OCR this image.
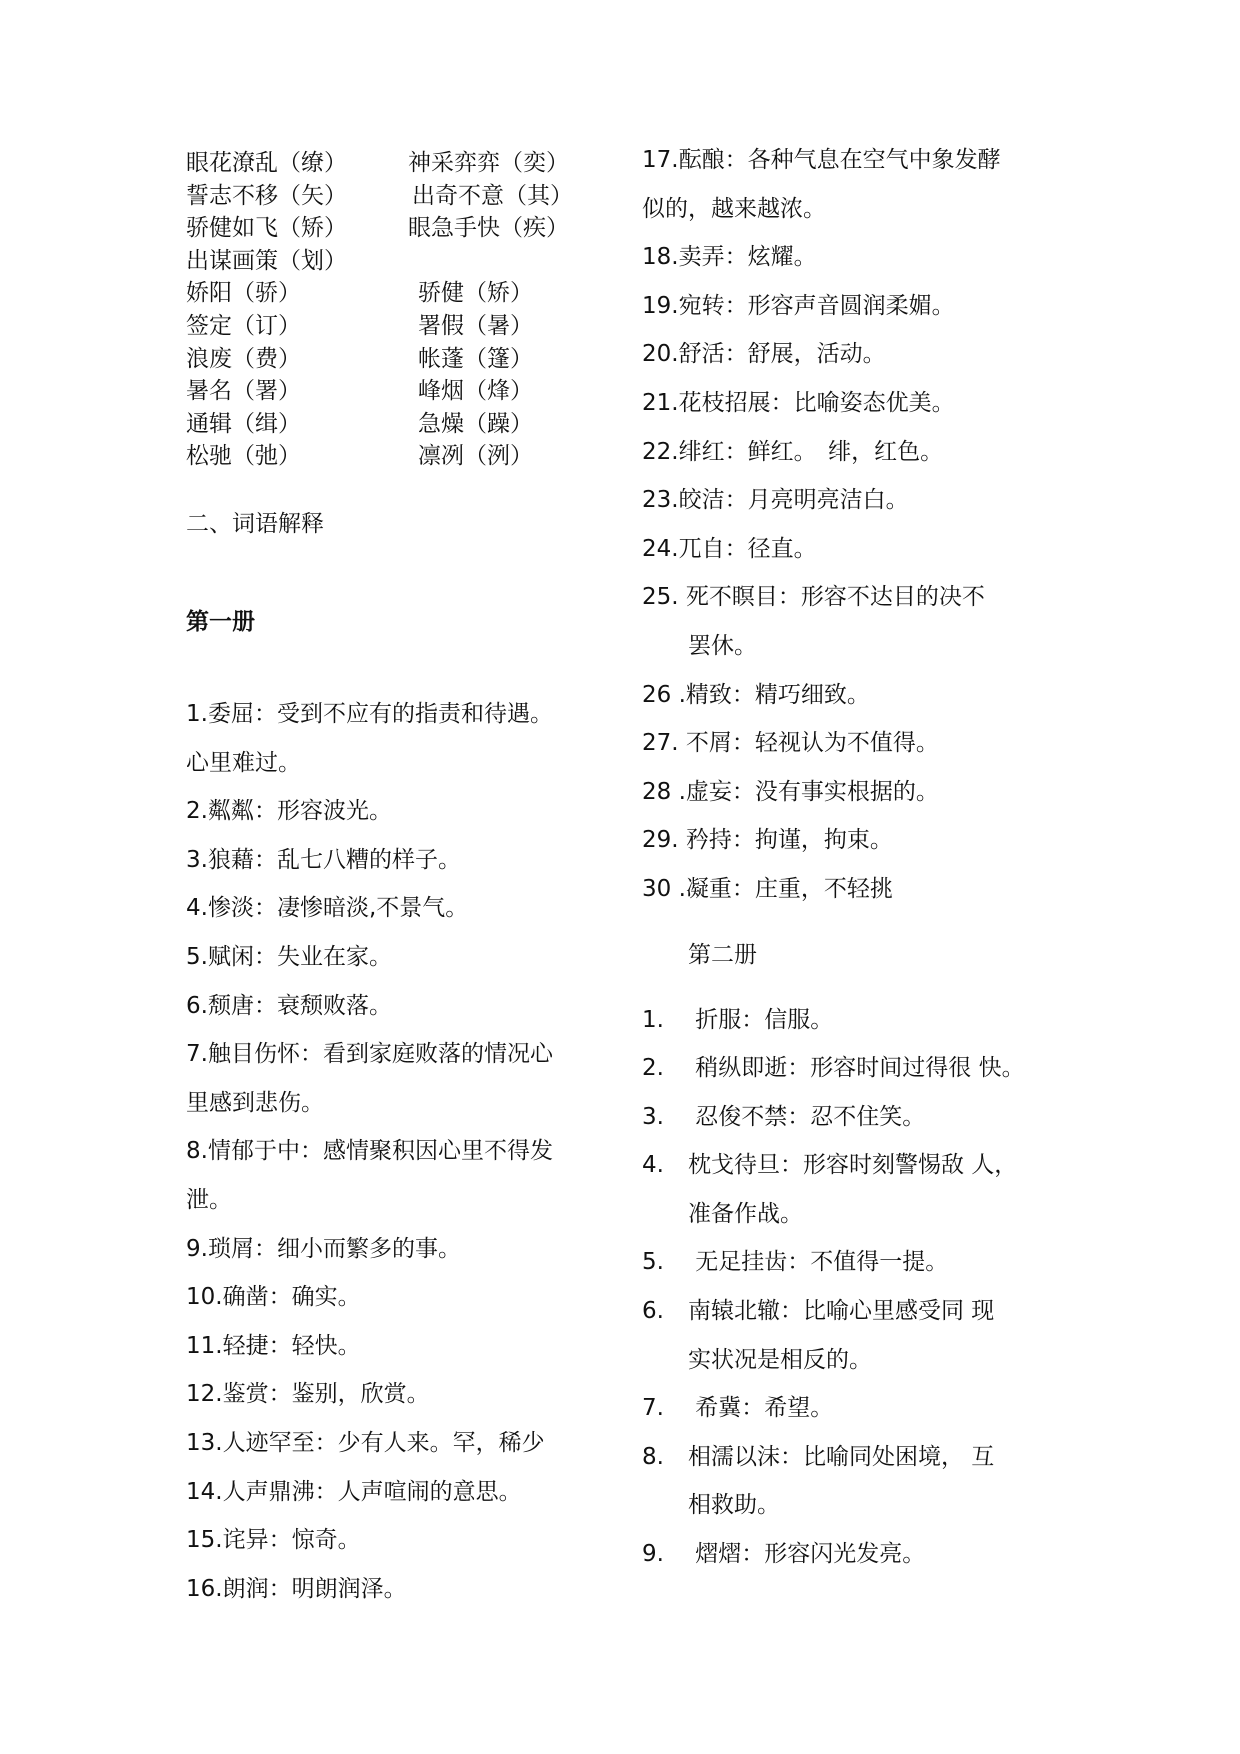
眼花潦乱（缭）	神采弈弈（奕）
誓志不移（矢）	出奇不意（其）
骄健如飞（矫）	眼急手快（疾）
出谋画策（划）
娇阳（骄）	骄健（矫）
签定（订）	署假（暑）
浪废（费）	帐蓬（篷）
暑名（署）	峰烟（烽）
通辑（缉）	急燥（躁）
松驰（弛）	凛冽（洌）
二、词语解释
第一册
1.委屈：受到不应有的指责和待遇。
心里难过。
2.粼粼：形容波光。
3.狼藉：乱七八糟的样子。
4.惨淡：凄惨暗淡,不景气。
5.赋闲：失业在家。
6.颓唐：衰颓败落。
7.触目伤怀：看到家庭败落的情况心
里感到悲伤。
8.情郁于中：感情聚积因心里不得发
泄。
9.琐屑：细小而繁多的事。
10.确凿：确实。
11.轻捷：轻快。
12.鉴赏：鉴别，欣赏。
13.人迹罕至：少有人来。罕，稀少
14.人声鼎沸：人声喧闹的意思。
15.诧异：惊奇。
16.朗润：明朗润泽。
17.酝酿：各种气息在空气中象发酵
似的，越来越浓。
18.卖弄：炫耀。
19.宛转：形容声音圆润柔媚。
20.舒活：舒展，活动。
21.花枝招展：比喻姿态优美。
22.绯红：鲜红。　绯，红色。
23.皎洁：月亮明亮洁白。
24.兀自：径直。
25. 死不瞑目：形容不达目的决不
罢休。
26 .精致：精巧细致。
27. 不屑：轻视认为不值得。
28 .虚妄：没有事实根据的。
29. 矜持：拘谨，拘束。
30 .凝重：庄重，不轻挑
第二册
1. 折服：信服。
2. 稍纵即逝：形容时间过得很 快。
3. 忍俊不禁：忍不住笑。
4. 枕戈待旦：形容时刻警惕敌 人，
准备作战。
5. 无足挂齿：不值得一提。
6. 南辕北辙：比喻心里感受同 现
实状况是相反的。
7. 希冀：希望。
8. 相濡以沫：比喻同处困境， 互
相救助。
9. 熠熠：形容闪光发亮。
